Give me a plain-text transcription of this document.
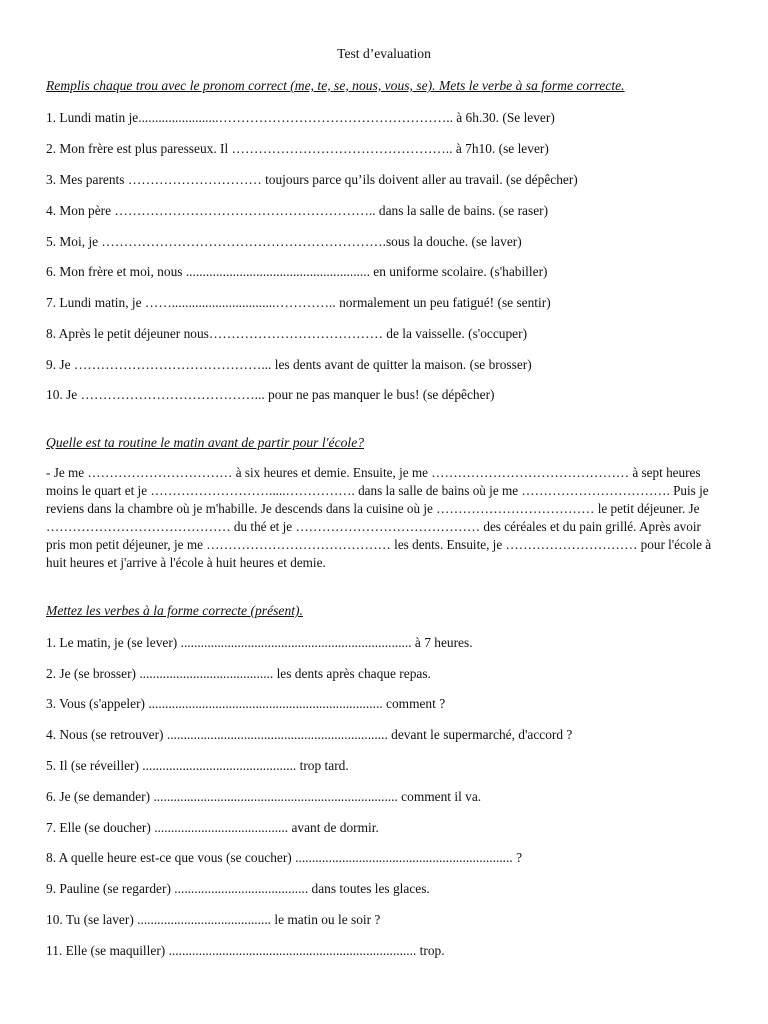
Test d’evaluation
Remplis chaque trou avec le pronom correct (me, te, se, nous, vous, se). Mets le verbe à sa forme correcte.
1. Lundi matin je........................…………………………………………….. à 6h.30. (Se lever)
2. Mon frère est plus paresseux. Il ………………………………………….. à 7h10. (se lever)
3. Mes parents ………………………… toujours parce qu’ils doivent aller au travail. (se dépêcher)
4. Mon père ………………………………………………….. dans la salle de bains. (se raser)
5. Moi, je ……………………………………………………….sous la douche. (se laver)
6. Mon frère et moi, nous ....................................................... en uniforme scolaire. (s'habiller)
7. Lundi matin, je ……...............................………….. normalement un peu fatigué! (se sentir)
8. Après le petit déjeuner nous………………………………… de la vaisselle. (s'occuper)
9. Je ……………………………………... les dents avant de quitter la maison. (se brosser)
10. Je …………………………………... pour ne pas manquer le bus! (se dépêcher)
Quelle est ta routine le matin avant de partir pour l'école?
- Je me …………………………… à six heures et demie. Ensuite, je me ……………………………………… à sept heures moins le quart et je ……………………….....……………. dans la salle de bains où je me ……………………………. Puis je reviens dans la chambre où je m'habille. Je descends dans la cuisine où je ……………………………… le petit déjeuner. Je …………………………………… du thé et je …………………………………… des céréales et du pain grillé. Après avoir pris mon petit déjeuner, je me …………………………………… les dents. Ensuite, je ………………………… pour l'école à huit heures et j'arrive à l'école à huit heures et demie.
Mettez les verbes à la forme correcte (présent).
1. Le matin, je (se lever) ..................................................................... à 7 heures.
2. Je (se brosser) ........................................ les dents après chaque repas.
3. Vous (s'appeler) ...................................................................... comment ?
4. Nous (se retrouver) .................................................................. devant le supermarché, d'accord ?
5. Il (se réveiller) .............................................. trop tard.
6. Je (se demander) ......................................................................... comment il va.
7. Elle (se doucher) ........................................ avant de dormir.
8. A quelle heure est-ce que vous (se coucher) ................................................................. ?
9. Pauline (se regarder) ........................................ dans toutes les glaces.
10. Tu (se laver) ........................................ le matin ou le soir ?
11. Elle (se maquiller) .......................................................................... trop.
